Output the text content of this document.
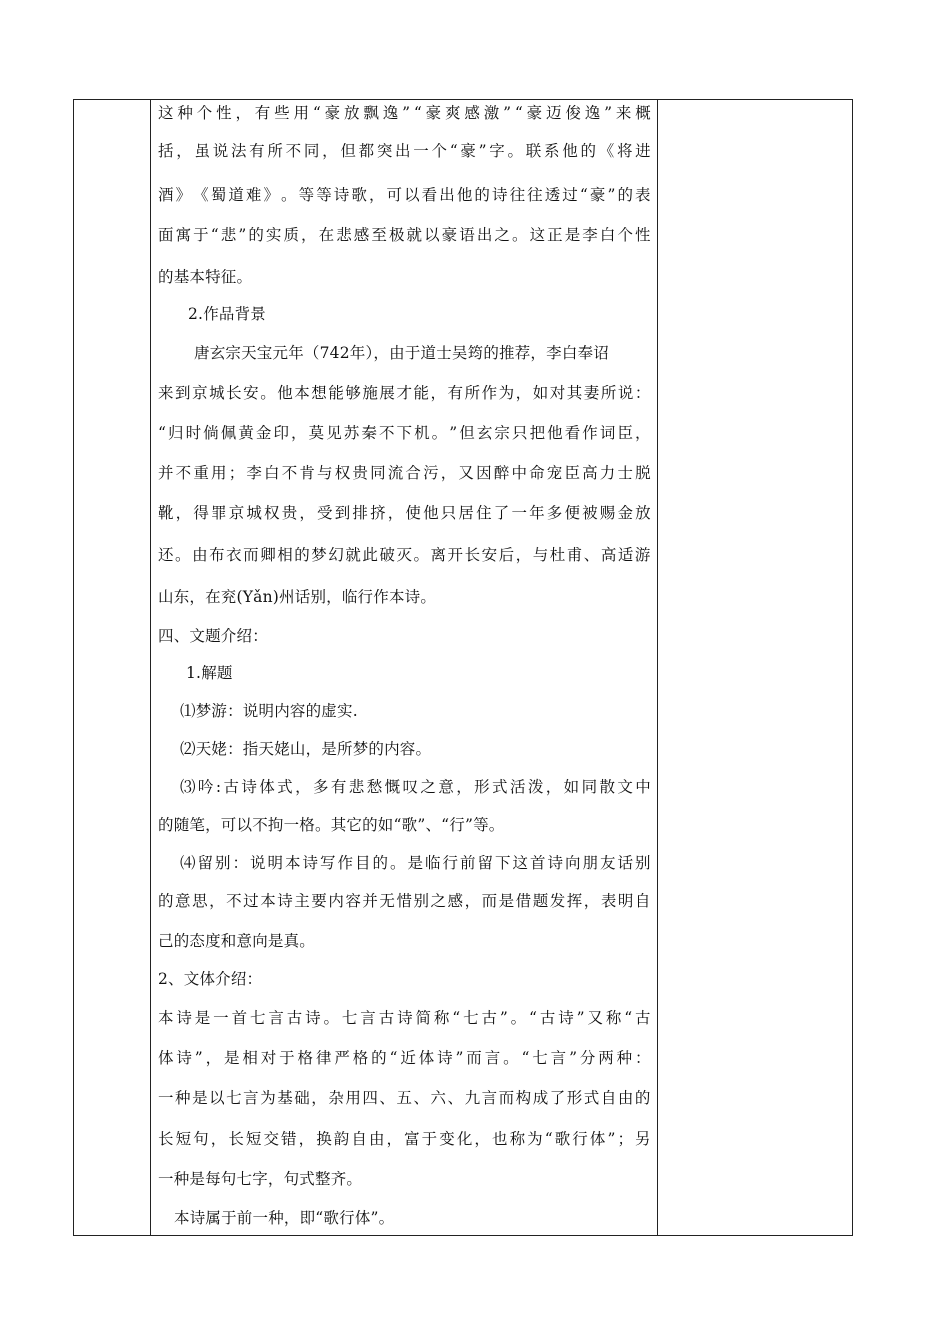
这 种 个 性 ， 有 些 用 “ 豪 放 飘 逸 ” “ 豪 爽 感 激 ” “ 豪 迈 俊 逸 ” 来 概
括 ， 虽 说 法 有 所 不 同 ， 但 都 突 出 一 个 “ 豪 ” 字 。 联 系 他 的 《 将 进
酒 》 《 蜀 道 难 》 。 等 等 诗 歌 ， 可 以 看 出 他 的 诗 往 往 透 过 “ 豪 ” 的 表
面 寓 于 “ 悲 ” 的 实 质 ， 在 悲 感 至 极 就 以 豪 语 出 之 。 这 正 是 李 白 个 性
的基本特征。
2.作品背景
唐玄宗天宝元年（742年），由于道士吴筠的推荐，李白奉诏
来 到 京 城 长 安 。 他 本 想 能 够 施 展 才 能 ， 有 所 作 为 ， 如 对 其 妻 所 说 ：
“ 归 时 倘 佩 黄 金 印 ， 莫 见 苏 秦 不 下 机 。 ” 但 玄 宗 只 把 他 看 作 词 臣 ，
并 不 重 用 ； 李 白 不 肯 与 权 贵 同 流 合 污 ， 又 因 醉 中 命 宠 臣 高 力 士 脱
靴 ， 得 罪 京 城 权 贵 ， 受 到 排 挤 ， 使 他 只 居 住 了 一 年 多 便 被 赐 金 放
还 。 由 布 衣 而 卿 相 的 梦 幻 就 此 破 灭 。 离 开 长 安 后 ， 与 杜 甫 、 高 适 游
山东，在兖(Yǎn)州话别，临行作本诗。
四、文题介绍：
1.解题
⑴梦游：说明内容的虚实.
⑵天姥：指天姥山，是所梦的内容。
⑶ 吟 : 古 诗 体 式 ， 多 有 悲 愁 慨 叹 之 意 ， 形 式 活 泼 ， 如 同 散 文 中
的随笔，可以不拘一格。其它的如“歌”、“行”等。
⑷ 留 别 ： 说 明 本 诗 写 作 目 的 。 是 临 行 前 留 下 这 首 诗 向 朋 友 话 别
的 意 思 ， 不 过 本 诗 主 要 内 容 并 无 惜 别 之 感 ， 而 是 借 题 发 挥 ， 表 明 自
己的态度和意向是真。
2、文体介绍：
本 诗 是 一 首 七 言 古 诗 。 七 言 古 诗 简 称 “ 七 古 ” 。 “ 古 诗 ” 又 称 “ 古
体 诗 ” ， 是 相 对 于 格 律 严 格 的 “ 近 体 诗 ” 而 言 。 “ 七 言 ” 分 两 种 ：
一 种 是 以 七 言 为 基 础 ， 杂 用 四 、 五 、 六 、 九 言 而 构 成 了 形 式 自 由 的
长 短 句 ， 长 短 交 错 ， 换 韵 自 由 ， 富 于 变 化 ， 也 称 为 “ 歌 行 体 ” ； 另
一种是每句七字，句式整齐。
本诗属于前一种，即“歌行体”。
